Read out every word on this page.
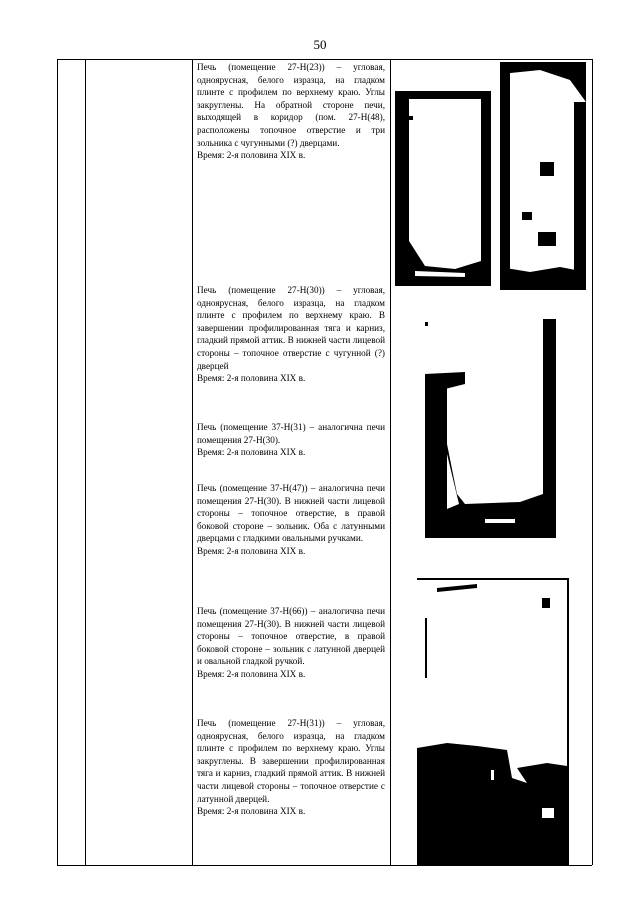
50
Печь (помещение 27-Н(23)) – угловая, одноярусная, белого изразца, на гладком плинте с профилем по верхнему краю. Углы закруглены. На обратной стороне печи, выходящей в коридор (пом. 27-Н(48), расположены топочное отверстие и три зольника с чугунными (?) дверцами.
Время: 2-я половина XIX в.
Печь (помещение 27-Н(30)) – угловая, одноярусная, белого изразца, на гладком плинте с профилем по верхнему краю. В завершении профилированная тяга и карниз, гладкий прямой аттик. В нижней части лицевой стороны – топочное отверстие с чугунной (?) дверцей
Время: 2-я половина XIX в.
Печь (помещение 37-Н(31) – аналогична печи помещения 27-Н(30).
Время: 2-я половина XIX в.
Печь (помещение 37-Н(47)) – аналогична печи помещения 27-Н(30). В нижней части лицевой стороны – топочное отверстие, в правой боковой стороне – зольник. Оба с латунными дверцами с гладкими овальными ручками.
Время: 2-я половина XIX в.
Печь (помещение 37-Н(66)) – аналогична печи помещения 27-Н(30). В нижней части лицевой стороны – топочное отверстие, в правой боковой стороне – зольник с латунной дверцей и овальной гладкой ручкой.
Время: 2-я половина XIX в.
Печь (помещение 27-Н(31)) – угловая, одноярусная, белого изразца, на гладком плинте с профилем по верхнему краю. Углы закруглены. В завершении профилированная тяга и карниз, гладкий прямой аттик. В нижней части лицевой стороны – топочное отверстие с латунной дверцей.
Время: 2-я половина XIX в.
